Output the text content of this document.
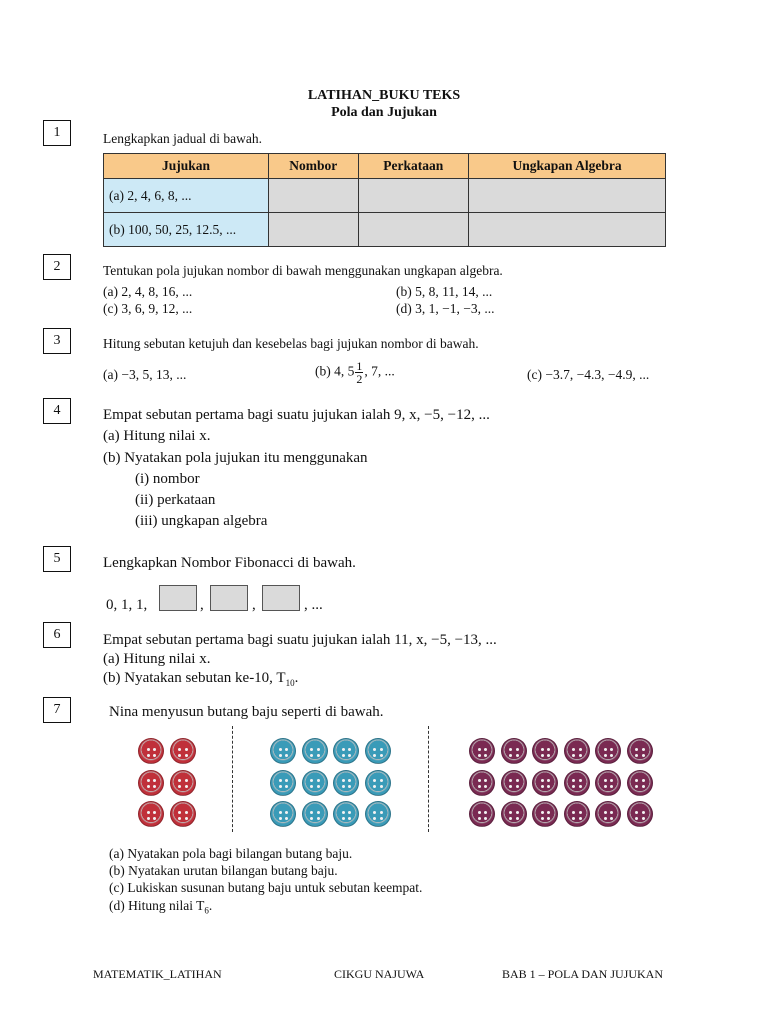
LATIHAN_BUKU TEKS
Pola dan Jujukan
1	Lengkapkan jadual di bawah.
Jujukan	Nombor	Perkataan	Ungkapan Algebra
(a) 2, 4, 6, 8, ...			
(b) 100, 50, 25, 12.5, ...			
2	Tentukan pola jujukan nombor di bawah menggunakan ungkapan algebra.
(a) 2, 4, 8, 16, ...	(b) 5, 8, 11, 14, ...
(c) 3, 6, 9, 12, ...	(d) 3, 1, −1, −3, ...
3	Hitung sebutan ketujuh dan kesebelas bagi jujukan nombor di bawah.
(a) −3, 5, 13, ...	(b) 4, $5 \frac{1}{2}$ , 7, ...	(c) −3.7, −4.3, −4.9, ...
4	Empat sebutan pertama bagi suatu jujukan ialah 9, x, −5, −12, ...
(a) Hitung nilai x.
(b) Nyatakan pola jujukan itu menggunakan
(i) nombor
(ii) perkataan
(iii) ungkapan algebra
5	Lengkapkan Nombor Fibonacci di bawah.
0, 1, 1,	,	,	, ...
6	Empat sebutan pertama bagi suatu jujukan ialah 11, x, −5, −13, ...
(a) Hitung nilai x.
(b) Nyatakan sebutan ke-10, $T_{10}$.
7	Nina menyusun butang baju seperti di bawah.
(a) Nyatakan pola bagi bilangan butang baju.
(b) Nyatakan urutan bilangan butang baju.
(c) Lukiskan susunan butang baju untuk sebutan keempat.
(d) Hitung nilai $T_6$.
MATEMATIK_LATIHAN	CIKGU NAJUWA	BAB 1 – POLA DAN JUJUKAN
